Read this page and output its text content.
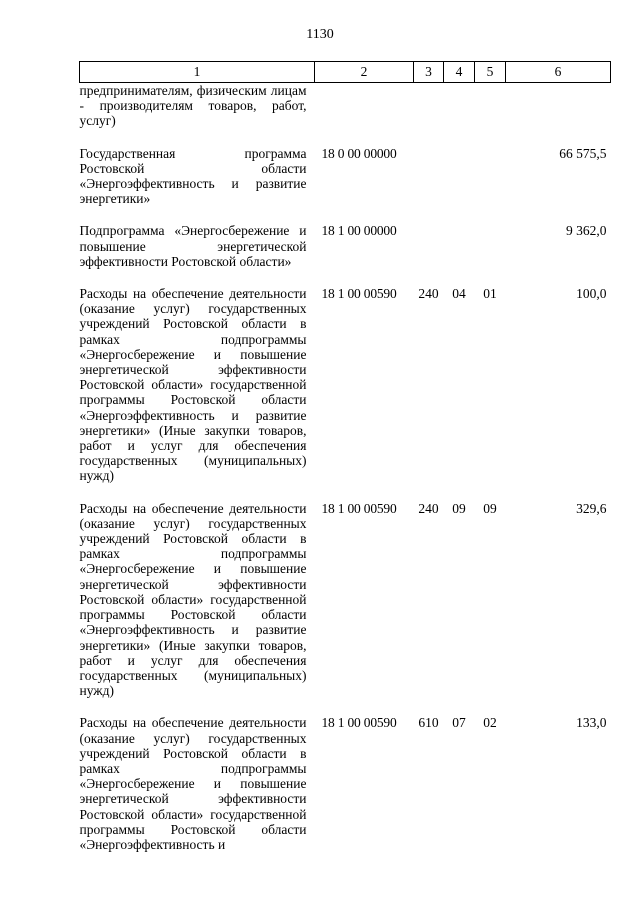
1130
1	2	3	4	5	6
предпринимателям, физическим лицам - производителям товаров, работ, услуг)					
Государственная программа Ростовской области «Энергоэффективность и развитие энергетики»	18 0 00 00000				66 575,5
Подпрограмма «Энергосбережение и повышение энергетической эффективности Ростовской области»	18 1 00 00000				9 362,0
Расходы на обеспечение деятельности (оказание услуг) государственных учреждений Ростовской области в рамках подпрограммы «Энергосбережение и повышение энергетической эффективности Ростовской области» государственной программы Ростовской области «Энергоэффективность и развитие энергетики» (Иные закупки товаров, работ и услуг для обеспечения государственных (муниципальных) нужд)	18 1 00 00590	240	04	01	100,0
Расходы на обеспечение деятельности (оказание услуг) государственных учреждений Ростовской области в рамках подпрограммы «Энергосбережение и повышение энергетической эффективности Ростовской области» государственной программы Ростовской области «Энергоэффективность и развитие энергетики» (Иные закупки товаров, работ и услуг для обеспечения государственных (муниципальных) нужд)	18 1 00 00590	240	09	09	329,6
Расходы на обеспечение деятельности (оказание услуг) государственных учреждений Ростовской области в рамках подпрограммы «Энергосбережение и повышение энергетической эффективности Ростовской области» государственной программы Ростовской области «Энергоэффективность и	18 1 00 00590	610	07	02	133,0
